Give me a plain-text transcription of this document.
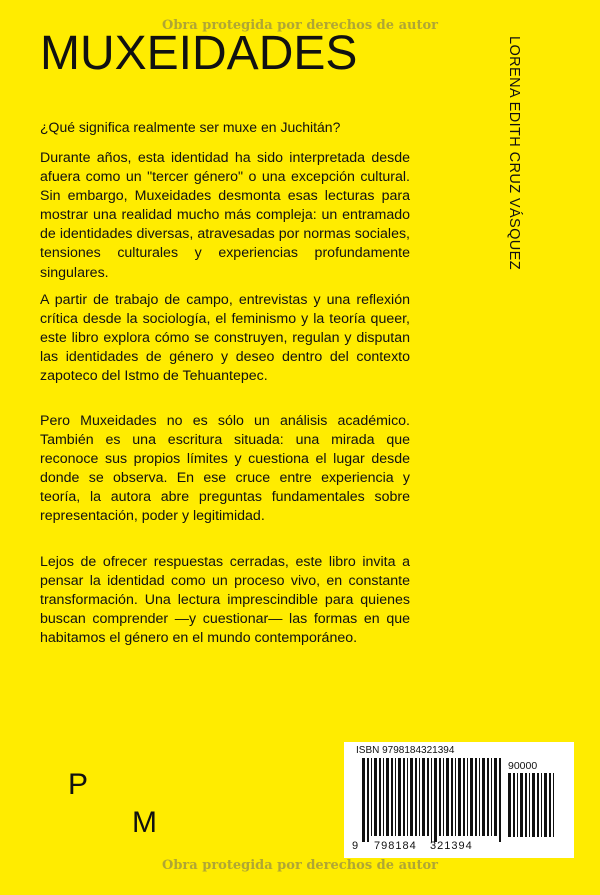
Obra protegida por derechos de autor
MUXEIDADES	LORENA EDITH CRUZ VÁSQUEZ
¿Qué significa realmente ser muxe en Juchitán?

Durante años, esta identidad ha sido interpretada desde afuera como un "tercer género" o una excepción cultural. Sin embargo, Muxeidades desmonta esas lecturas para mostrar una realidad mucho más compleja: un entramado de identidades diversas, atravesadas por normas sociales, tensiones culturales y experiencias profundamente singulares.

A partir de trabajo de campo, entrevistas y una reflexión crítica desde la sociología, el feminismo y la teoría queer, este libro explora cómo se construyen, regulan y disputan las identidades de género y deseo dentro del contexto zapoteco del Istmo de Tehuantepec.

Pero Muxeidades no es sólo un análisis académico. También es una escritura situada: una mirada que reconoce sus propios límites y cuestiona el lugar desde donde se observa. En ese cruce entre experiencia y teoría, la autora abre preguntas fundamentales sobre representación, poder y legitimidad.

Lejos de ofrecer respuestas cerradas, este libro invita a pensar la identidad como un proceso vivo, en constante transformación. Una lectura imprescindible para quienes buscan comprender —y cuestionar— las formas en que habitamos el género en el mundo contemporáneo.

P
M
ISBN 9798184321394
90000
9 798184 321394
Obra protegida por derechos de autor
